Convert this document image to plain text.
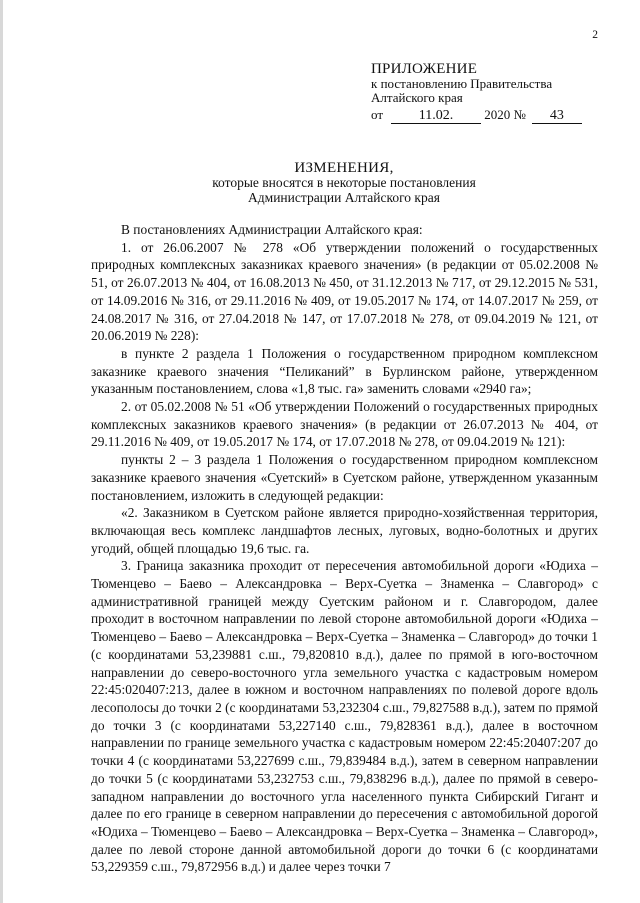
2
ПРИЛОЖЕНИЕ
к постановлению Правительства
Алтайского края
от	11.02. 2020 № 43
ИЗМЕНЕНИЯ,
которые вносятся в некоторые постановления
Администрации Алтайского края

В постановлениях Администрации Алтайского края:

1. от 26.06.2007 № 278 «Об утверждении положений о государственных природных комплексных заказниках краевого значения» (в редакции от 05.02.2008 № 51, от 26.07.2013 № 404, от 16.08.2013 № 450, от 31.12.2013 № 717, от 29.12.2015 № 531, от 14.09.2016 № 316, от 29.11.2016 № 409, от 19.05.2017 № 174, от 14.07.2017 № 259, от 24.08.2017 № 316, от 27.04.2018 № 147, от 17.07.2018 № 278, от 09.04.2019 № 121, от 20.06.2019 № 228):

в пункте 2 раздела 1 Положения о государственном природном комплексном заказнике краевого значения “Пеликаний” в Бурлинском районе, утвержденном указанным постановлением, слова «1,8 тыс. га» заменить словами «2940 га»;

2. от 05.02.2008 № 51 «Об утверждении Положений о государственных природных комплексных заказников краевого значения» (в редакции от 26.07.2013 № 404, от 29.11.2016 № 409, от 19.05.2017 № 174, от 17.07.2018 № 278, от 09.04.2019 № 121):

пункты 2 – 3 раздела 1 Положения о государственном природном комплексном заказнике краевого значения «Суетский» в Суетском районе, утвержденном указанным постановлением, изложить в следующей редакции:

«2. Заказником в Суетском районе является природно-хозяйственная территория, включающая весь комплекс ландшафтов лесных, луговых, водно-болотных и других угодий, общей площадью 19,6 тыс. га.

3. Граница заказника проходит от пересечения автомобильной дороги «Юдиха – Тюменцево – Баево – Александровка – Верх-Суетка – Знаменка – Славгород» с административной границей между Суетским районом и г. Славгородом, далее проходит в восточном направлении по левой стороне автомобильной дороги «Юдиха – Тюменцево – Баево – Александровка – Верх-Суетка – Знаменка – Славгород» до точки 1 (с координатами 53,239881 с.ш., 79,820810 в.д.), далее по прямой в юго-восточном направлении до северо-восточного угла земельного участка с кадастровым номером 22:45:020407:213, далее в южном и восточном направлениях по полевой дороге вдоль лесополосы до точки 2 (с координатами 53,232304 с.ш., 79,827588 в.д.), затем по прямой до точки 3 (с координатами 53,227140 с.ш., 79,828361 в.д.), далее в восточном направлении по границе земельного участка с кадастровым номером 22:45:20407:207 до точки 4 (с координатами 53,227699 с.ш., 79,839484 в.д.), затем в северном направлении до точки 5 (с координатами 53,232753 с.ш., 79,838296 в.д.), далее по прямой в северо-западном направлении до восточного угла населенного пункта Сибирский Гигант и далее по его границе в северном направлении до пересечения с автомобильной дорогой «Юдиха – Тюменцево – Баево – Александровка – Верх-Суетка – Знаменка – Славгород», далее по левой стороне данной автомобильной дороги до точки 6 (с координатами 53,229359 с.ш., 79,872956 в.д.) и далее через точки 7
